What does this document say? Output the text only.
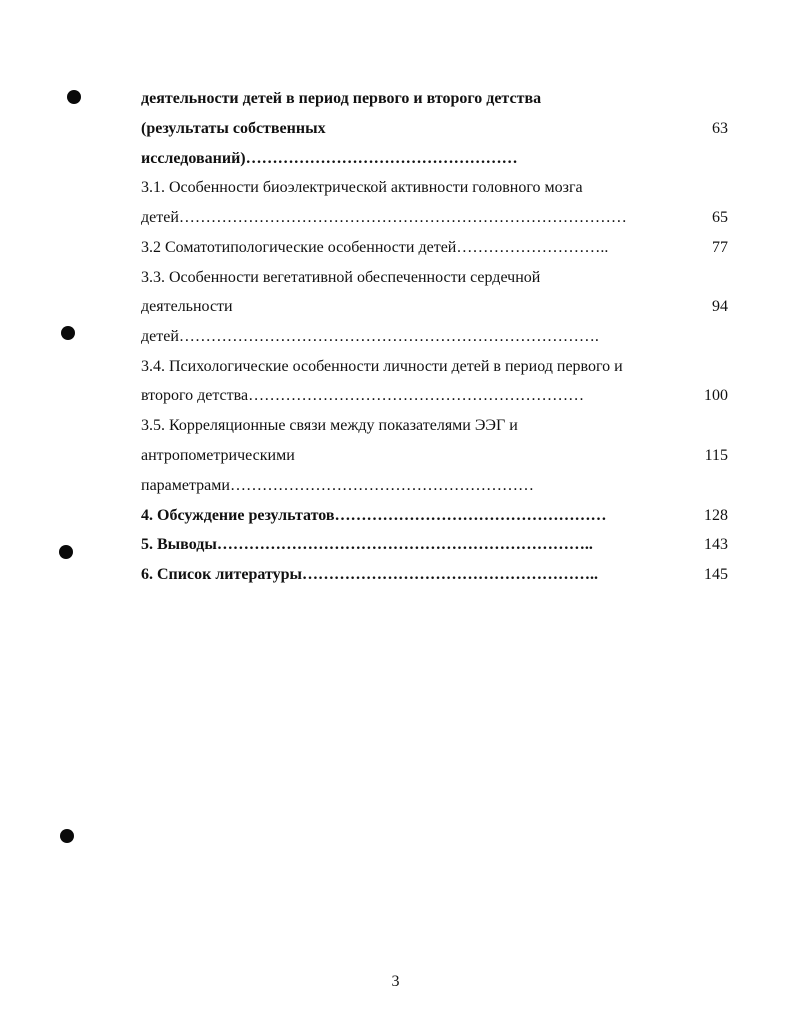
деятельности детей в период первого и второго детства
(результаты собственных	63
исследований)……………………………………………
3.1. Особенности биоэлектрической активности головного мозга
детей…………………………………………………………………………	65
3.2 Соматотипологические особенности детей………………………..	77
3.3. Особенности вегетативной обеспеченности сердечной
деятельности	94
детей…………………………………………………………………….
3.4. Психологические особенности личности детей в период первого и
второго детства………………………………………………………	100
3.5. Корреляционные связи между показателями ЭЭГ и
антропометрическими	115
параметрами…………………………………………………
4. Обсуждение результатов……………………………………………	128
5. Выводы……………………………………………………………..	143
6. Список литературы………………………………………………..	145
3
